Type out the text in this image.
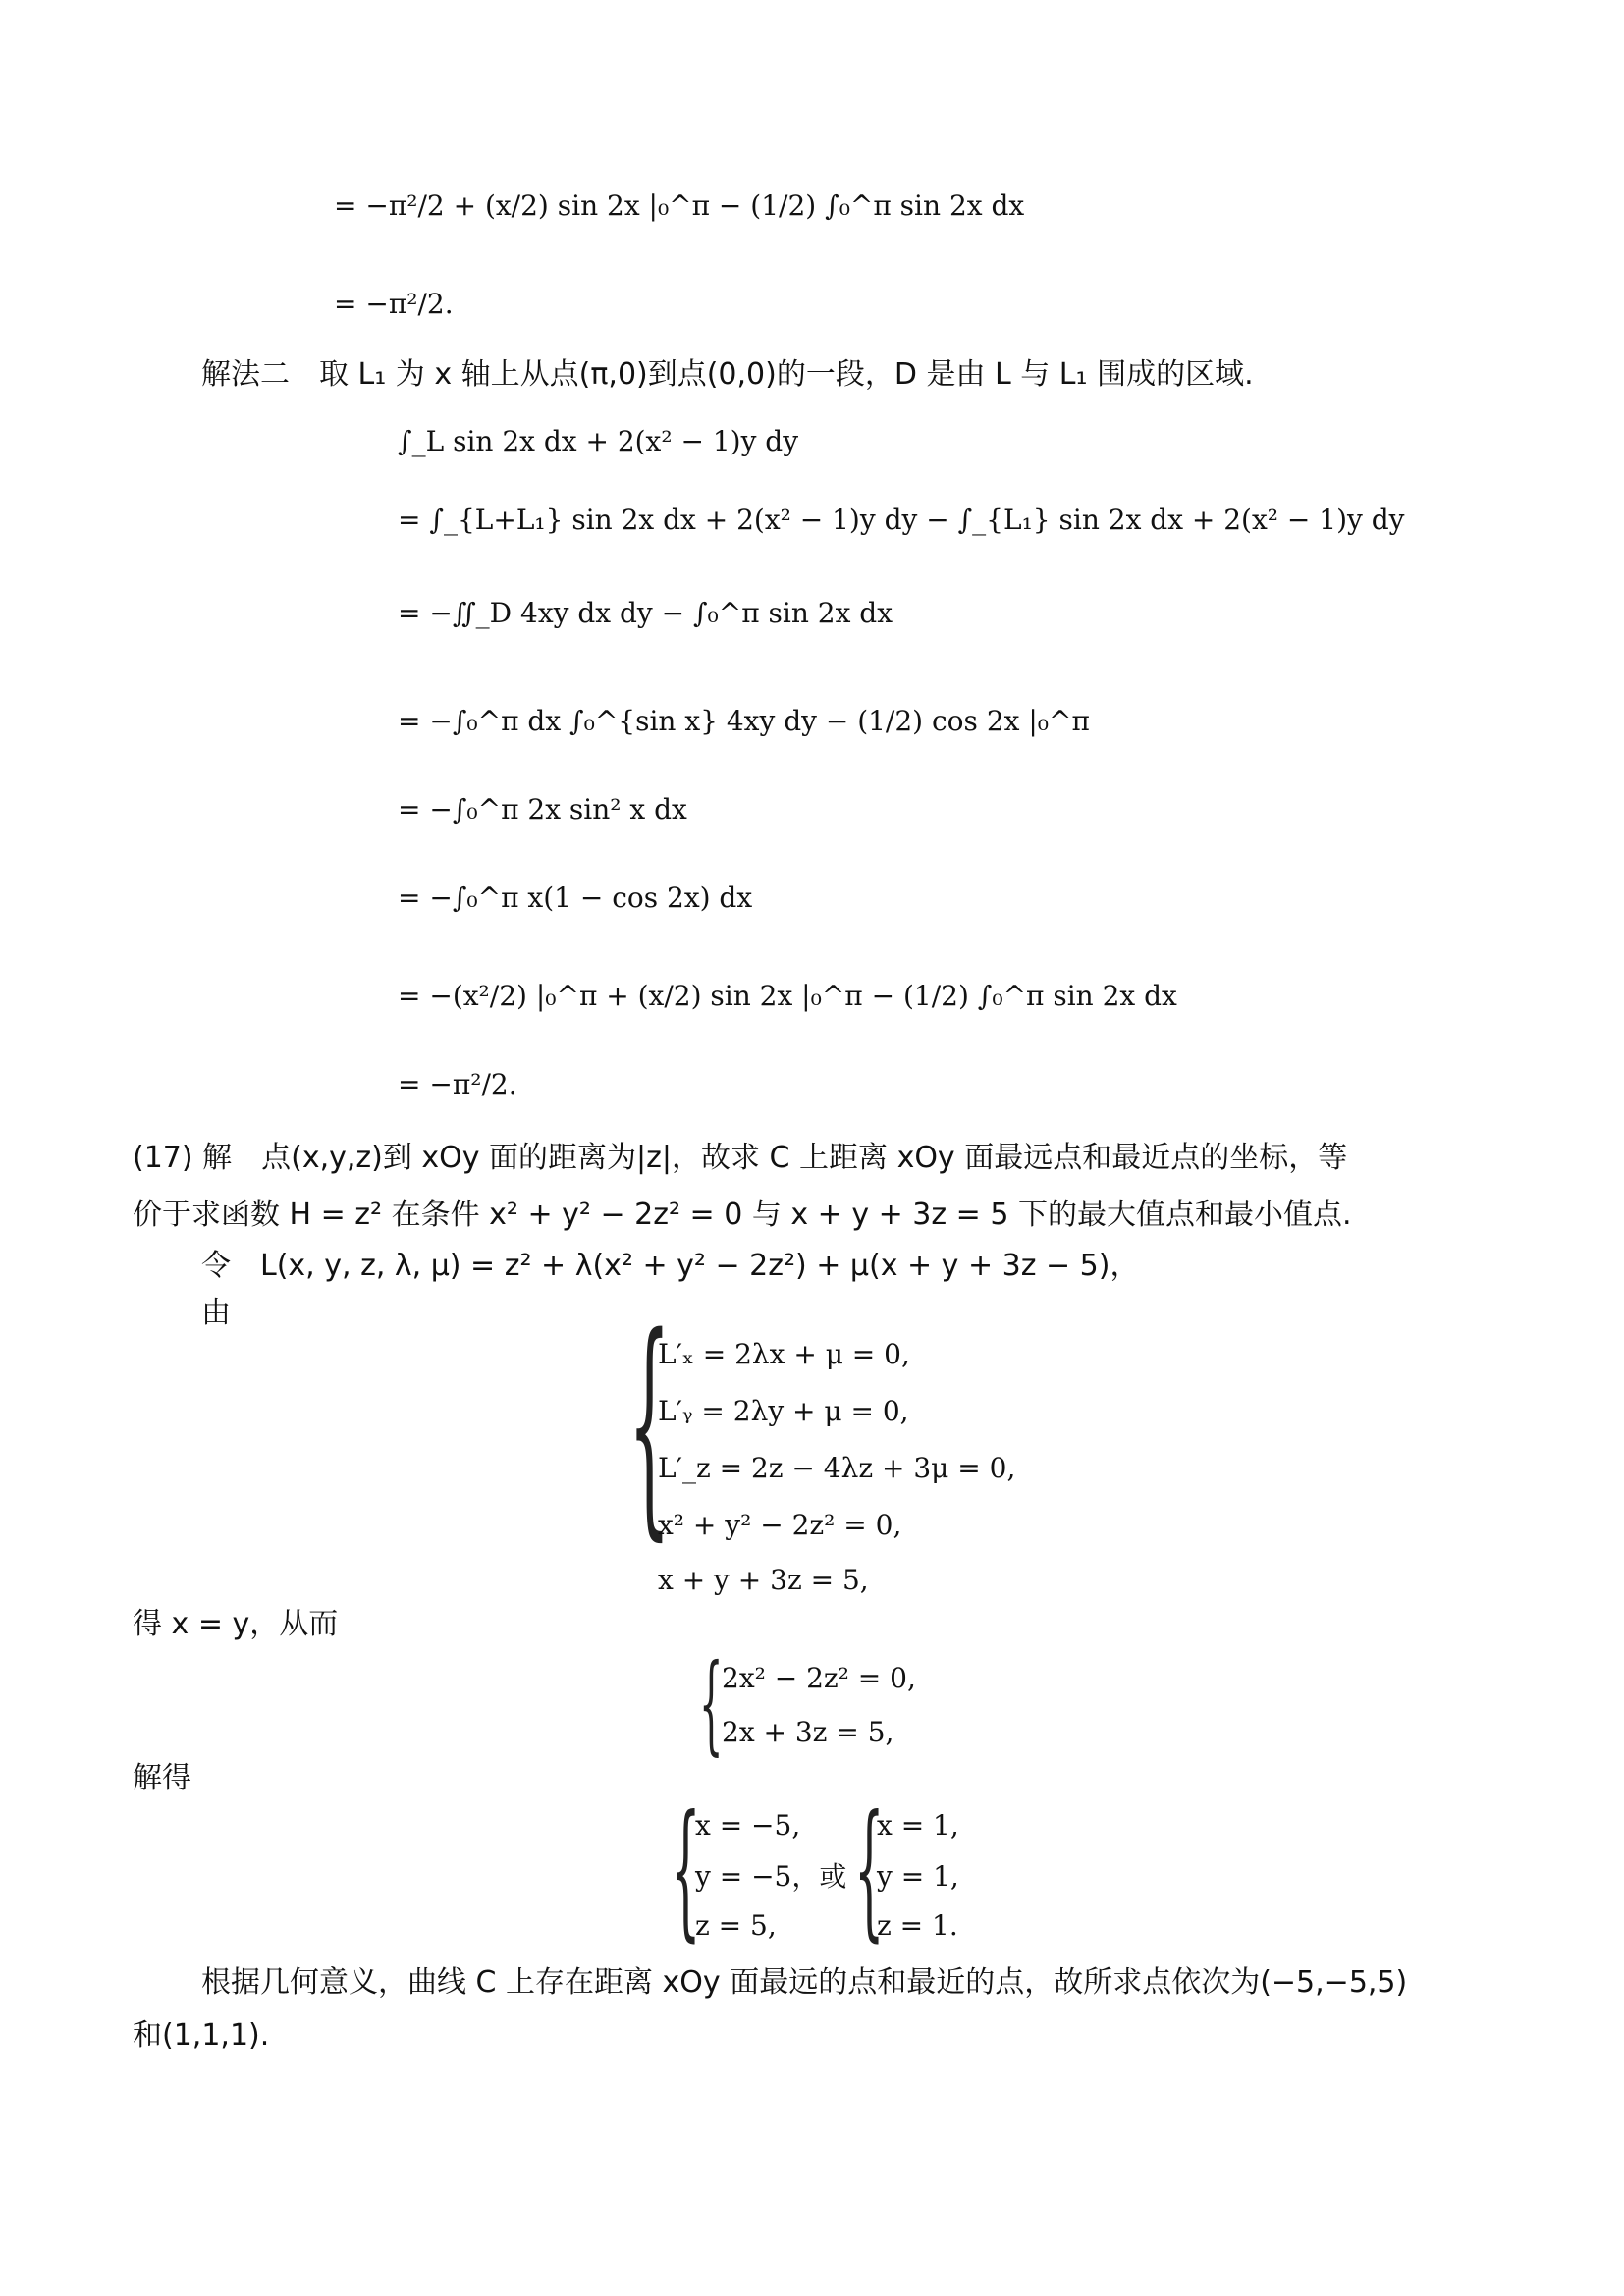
= −π²/2 + (x/2) sin 2x |₀^π − (1/2) ∫₀^π sin 2x dx
= −π²/2.
解法二　取 L₁ 为 x 轴上从点(π,0)到点(0,0)的一段，D 是由 L 与 L₁ 围成的区域.
∫_L sin 2x dx + 2(x² − 1)y dy
= ∫_{L+L₁} sin 2x dx + 2(x² − 1)y dy − ∫_{L₁} sin 2x dx + 2(x² − 1)y dy
= −∬_D 4xy dx dy − ∫₀^π sin 2x dx
= −∫₀^π dx ∫₀^{sin x} 4xy dy − (1/2) cos 2x |₀^π
= −∫₀^π 2x sin² x dx
= −∫₀^π x(1 − cos 2x) dx
= −(x²/2) |₀^π + (x/2) sin 2x |₀^π − (1/2) ∫₀^π sin 2x dx
= −π²/2.
(17) 解　点(x,y,z)到 xOy 面的距离为|z|，故求 C 上距离 xOy 面最远点和最近点的坐标，等
价于求函数 H = z² 在条件 x² + y² − 2z² = 0 与 x + y + 3z = 5 下的最大值点和最小值点.
令　L(x, y, z, λ, μ) = z² + λ(x² + y² − 2z²) + μ(x + y + 3z − 5)，
由 {
L′ₓ = 2λx + μ = 0,
L′ᵧ = 2λy + μ = 0,
L′_z = 2z − 4λz + 3μ = 0,
x² + y² − 2z² = 0,
x + y + 3z = 5,
得 x = y，从而
{
2x² − 2z² = 0,
2x + 3z = 5,
解得
{
x = −5,
y = −5，或
z = 5, {
x = 1,
y = 1,
z = 1.
根据几何意义，曲线 C 上存在距离 xOy 面最远的点和最近的点，故所求点依次为(−5,−5,5)
和(1,1,1).
